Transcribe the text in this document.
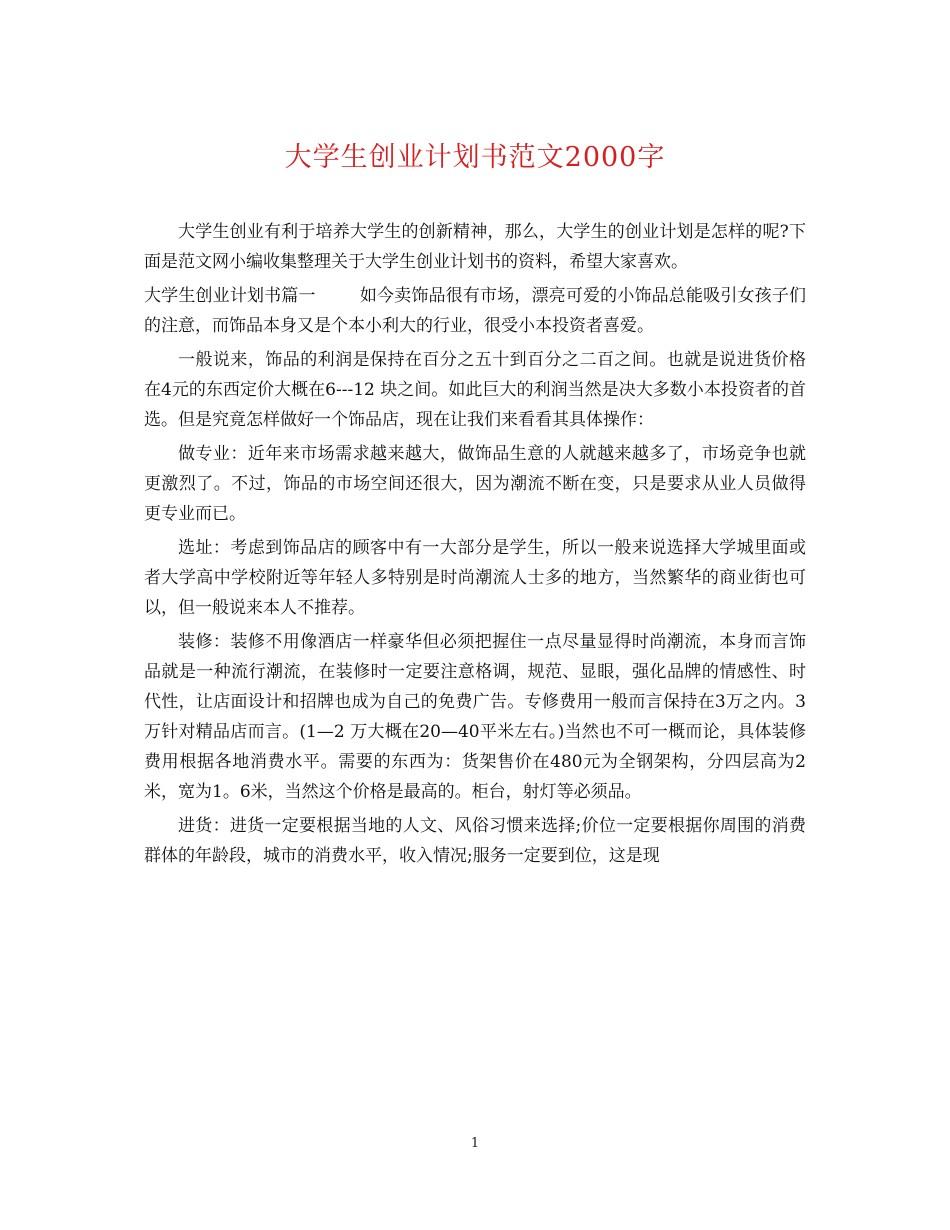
大学生创业计划书范文2000字

大学生创业有利于培养大学生的创新精神，那么，大学生的创业计划是怎样的呢?下面是范文网小编收集整理关于大学生创业计划书的资料，希望大家喜欢。

大学生创业计划书篇一	如今卖饰品很有市场，漂亮可爱的小饰品总能吸引女孩子们的注意，而饰品本身又是个本小利大的行业，很受小本投资者喜爱。

一般说来，饰品的利润是保持在百分之五十到百分之二百之间。也就是说进货价格在4元的东西定价大概在6---12 块之间。如此巨大的利润当然是决大多数小本投资者的首选。但是究竟怎样做好一个饰品店，现在让我们来看看其具体操作：

做专业：近年来市场需求越来越大，做饰品生意的人就越来越多了，市场竞争也就更激烈了。不过，饰品的市场空间还很大，因为潮流不断在变，只是要求从业人员做得更专业而已。

选址：考虑到饰品店的顾客中有一大部分是学生，所以一般来说选择大学城里面或者大学高中学校附近等年轻人多特别是时尚潮流人士多的地方，当然繁华的商业街也可以，但一般说来本人不推荐。

装修：装修不用像酒店一样豪华但必须把握住一点尽量显得时尚潮流，本身而言饰品就是一种流行潮流，在装修时一定要注意格调，规范、显眼，强化品牌的情感性、时代性，让店面设计和招牌也成为自己的免费广告。专修费用一般而言保持在3万之内。3万针对精品店而言。(1—2 万大概在20—40平米左右。)当然也不可一概而论，具体装修费用根据各地消费水平。需要的东西为：货架售价在480元为全钢架构，分四层高为2米，宽为1。6米，当然这个价格是最高的。柜台，射灯等必须品。

进货：进货一定要根据当地的人文、风俗习惯来选择;价位一定要根据你周围的消费群体的年龄段，城市的消费水平，收入情况;服务一定要到位，这是现

1
